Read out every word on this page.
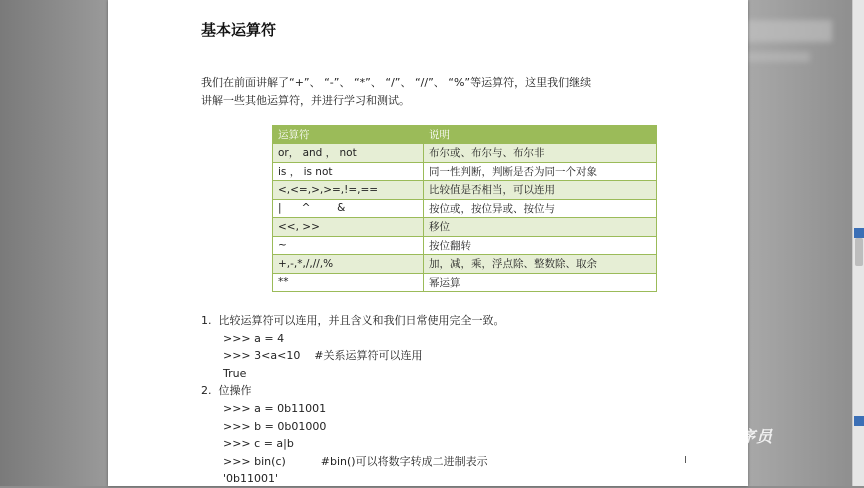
基本运算符
我们在前面讲解了“+”、 “-”、 “*”、 “/”、 “//”、 “%”等运算符，这里我们继续
讲解一些其他运算符，并进行学习和测试。
运算符	说明
or， and ， not	布尔或、布尔与、布尔非
is ， is not	同一性判断，判断是否为同一个对象
<,<=,>,>=,!=,==	比较值是否相当，可以连用
|      ^        &	按位或，按位异或、按位与
<<, >>	移位
~	按位翻转
+,-,*,/,//,%	加，减，乘，浮点除、整数除、取余
**	幂运算
1.  比较运算符可以连用，并且含义和我们日常使用完全一致。
>>> a = 4
>>> 3<a<10    #关系运算符可以连用
True
2.  位操作
>>> a = 0b11001
>>> b = 0b01000
>>> c = a|b
>>> bin(c)          #bin()可以将数字转成二进制表示
'0b11001'
I
尚学堂·百战程序员
